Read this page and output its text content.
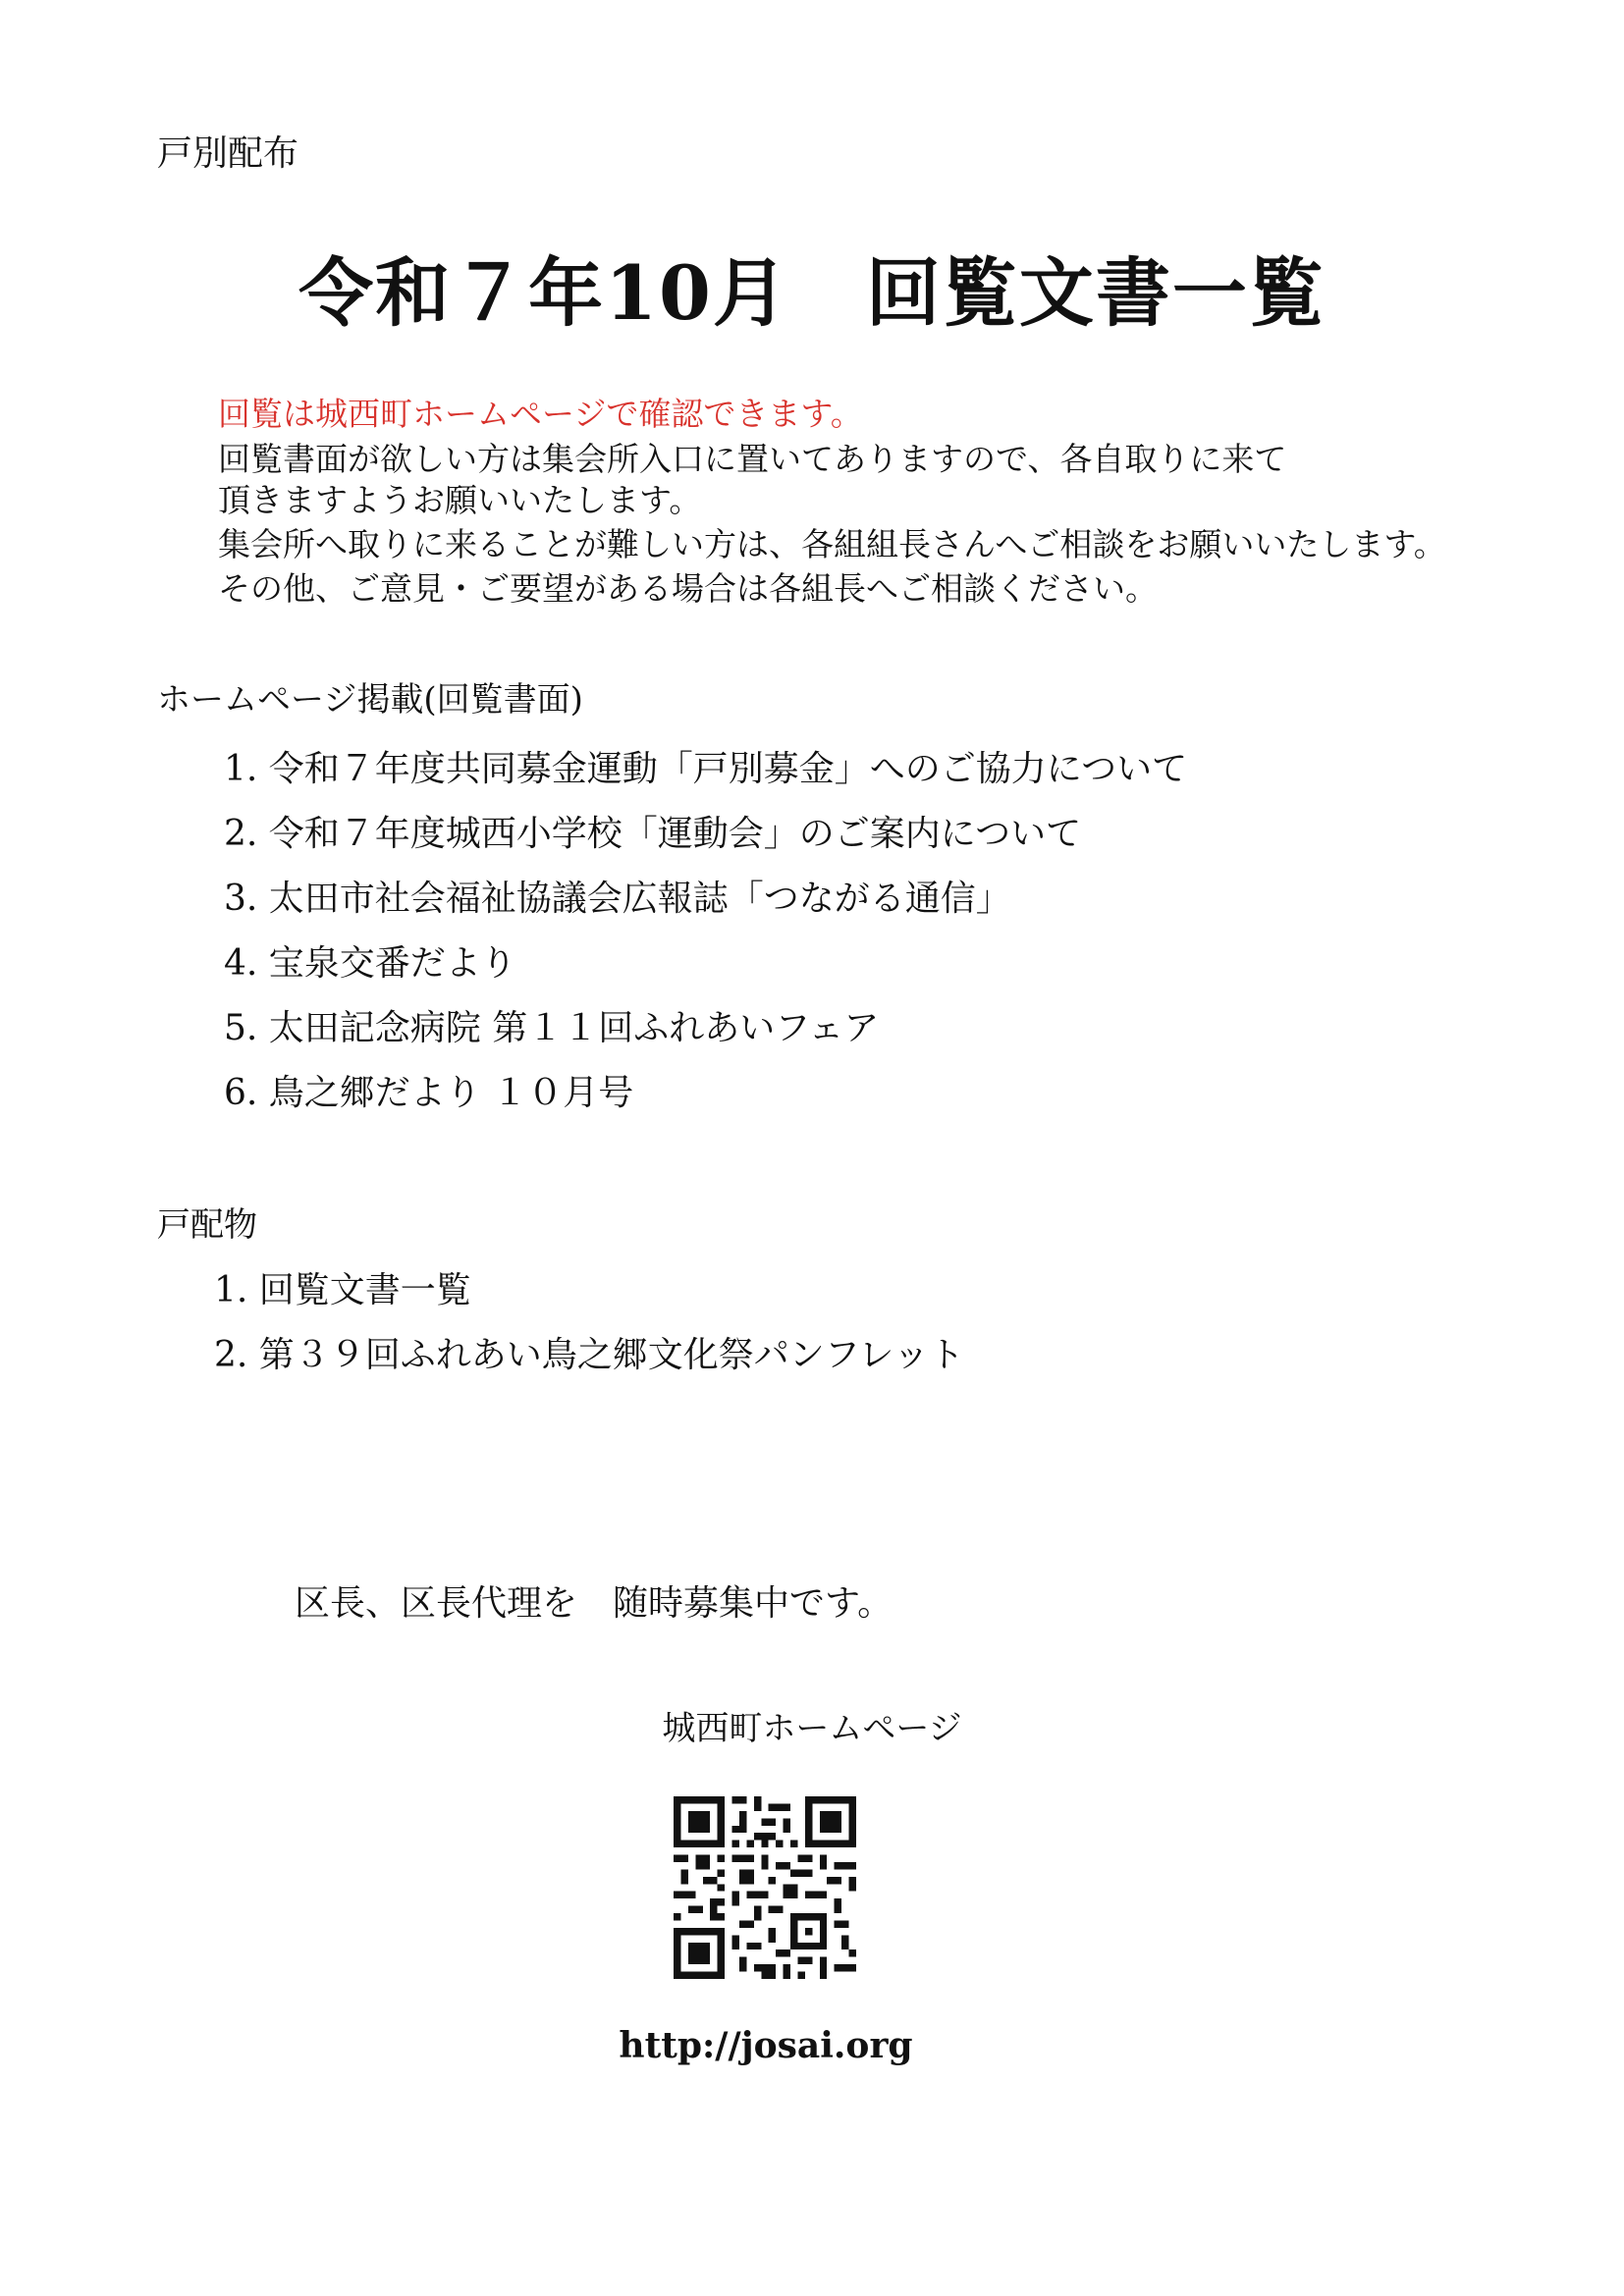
戸別配布
令和７年10月　回覧文書一覧
回覧は城西町ホームページで確認できます。
回覧書面が欲しい方は集会所入口に置いてありますので、各自取りに来て
頂きますようお願いいたします。
集会所へ取りに来ることが難しい方は、各組組長さんへご相談をお願いいたします。
その他、ご意見・ご要望がある場合は各組長へご相談ください。
ホームページ掲載(回覧書面)
1. 令和７年度共同募金運動「戸別募金」へのご協力について
2. 令和７年度城西小学校「運動会」のご案内について
3. 太田市社会福祉協議会広報誌「つながる通信」
4. 宝泉交番だより
5. 太田記念病院 第１１回ふれあいフェア
6. 鳥之郷だより １０月号
戸配物
1. 回覧文書一覧
2. 第３９回ふれあい鳥之郷文化祭パンフレット
区長、区長代理を　随時募集中です。
城西町ホームページ
http://josai.org
